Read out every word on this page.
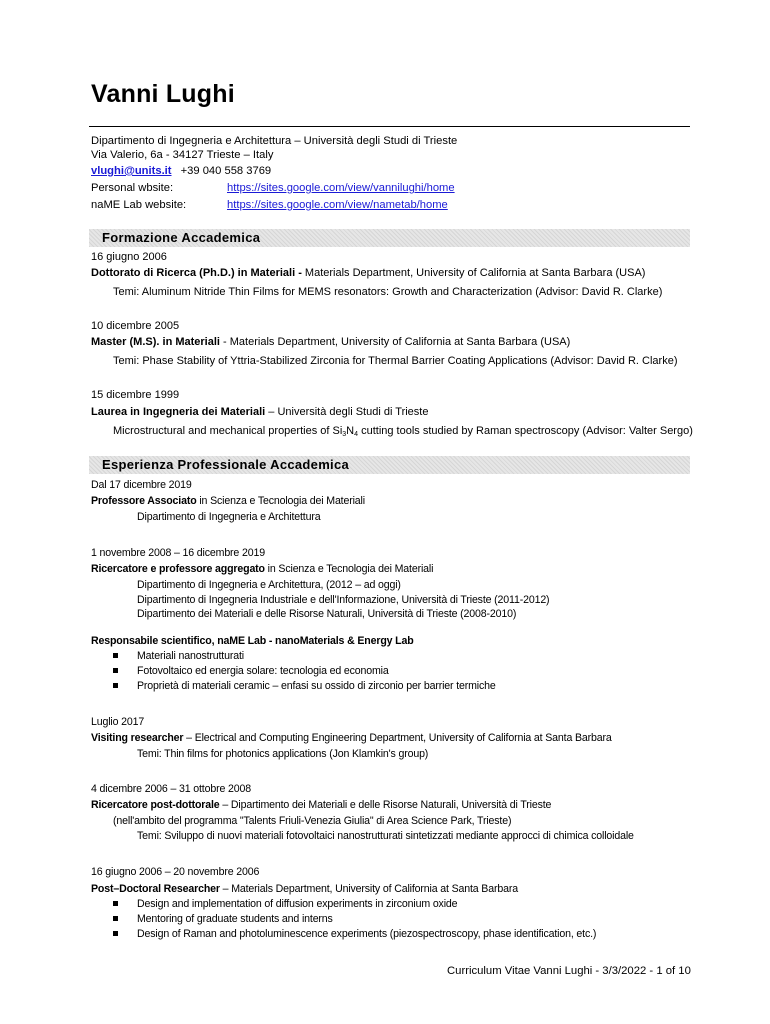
Vanni Lughi
Dipartimento di Ingegneria e Architettura – Università degli Studi di Trieste
Via Valerio, 6a - 34127 Trieste – Italy
vlughi@units.it +39 040 558 3769
Personal wbsite:	https://sites.google.com/view/vannilughi/home
naME Lab website:	https://sites.google.com/view/nametab/home
Formazione Accademica
16 giugno 2006
Dottorato di Ricerca (Ph.D.) in Materiali - Materials Department, University of California at Santa Barbara (USA)
Temi: Aluminum Nitride Thin Films for MEMS resonators: Growth and Characterization (Advisor: David R. Clarke)
10 dicembre 2005
Master (M.S). in Materiali - Materials Department, University of California at Santa Barbara (USA)
Temi: Phase Stability of Yttria-Stabilized Zirconia for Thermal Barrier Coating Applications (Advisor: David R. Clarke)
15 dicembre 1999
Laurea in Ingegneria dei Materiali – Università degli Studi di Trieste
Microstructural and mechanical properties of $Si_3N_4$ cutting tools studied by Raman spectroscopy (Advisor: Valter Sergo)
Esperienza Professionale Accademica
Dal 17 dicembre 2019
Professore Associato in Scienza e Tecnologia dei Materiali
Dipartimento di Ingegneria e Architettura
1 novembre 2008 – 16 dicembre 2019
Ricercatore e professore aggregato in Scienza e Tecnologia dei Materiali
Dipartimento di Ingegneria e Architettura, (2012 – ad oggi)
Dipartimento di Ingegneria Industriale e dell'Informazione, Università di Trieste (2011-2012)
Dipartimento dei Materiali e delle Risorse Naturali, Università di Trieste (2008-2010)
Responsabile scientifico, naME Lab - nanoMaterials & Energy Lab
Materiali nanostrutturati
Fotovoltaico ed energia solare: tecnologia ed economia
Proprietà di materiali ceramic – enfasi su ossido di zirconio per barrier termiche
Luglio 2017
Visiting researcher – Electrical and Computing Engineering Department, University of California at Santa Barbara
Temi: Thin films for photonics applications (Jon Klamkin's group)
4 dicembre 2006 – 31 ottobre 2008
Ricercatore post-dottorale – Dipartimento dei Materiali e delle Risorse Naturali, Università di Trieste
(nell'ambito del programma "Talents Friuli-Venezia Giulia" di Area Science Park, Trieste)
Temi: Sviluppo di nuovi materiali fotovoltaici nanostrutturati sintetizzati mediante approcci di chimica colloidale
16 giugno 2006 – 20 novembre 2006
Post–Doctoral Researcher – Materials Department, University of California at Santa Barbara
Design and implementation of diffusion experiments in zirconium oxide
Mentoring of graduate students and interns
Design of Raman and photoluminescence experiments (piezospectroscopy, phase identification, etc.)
Curriculum Vitae Vanni Lughi - 3/3/2022 - 1 of 10
